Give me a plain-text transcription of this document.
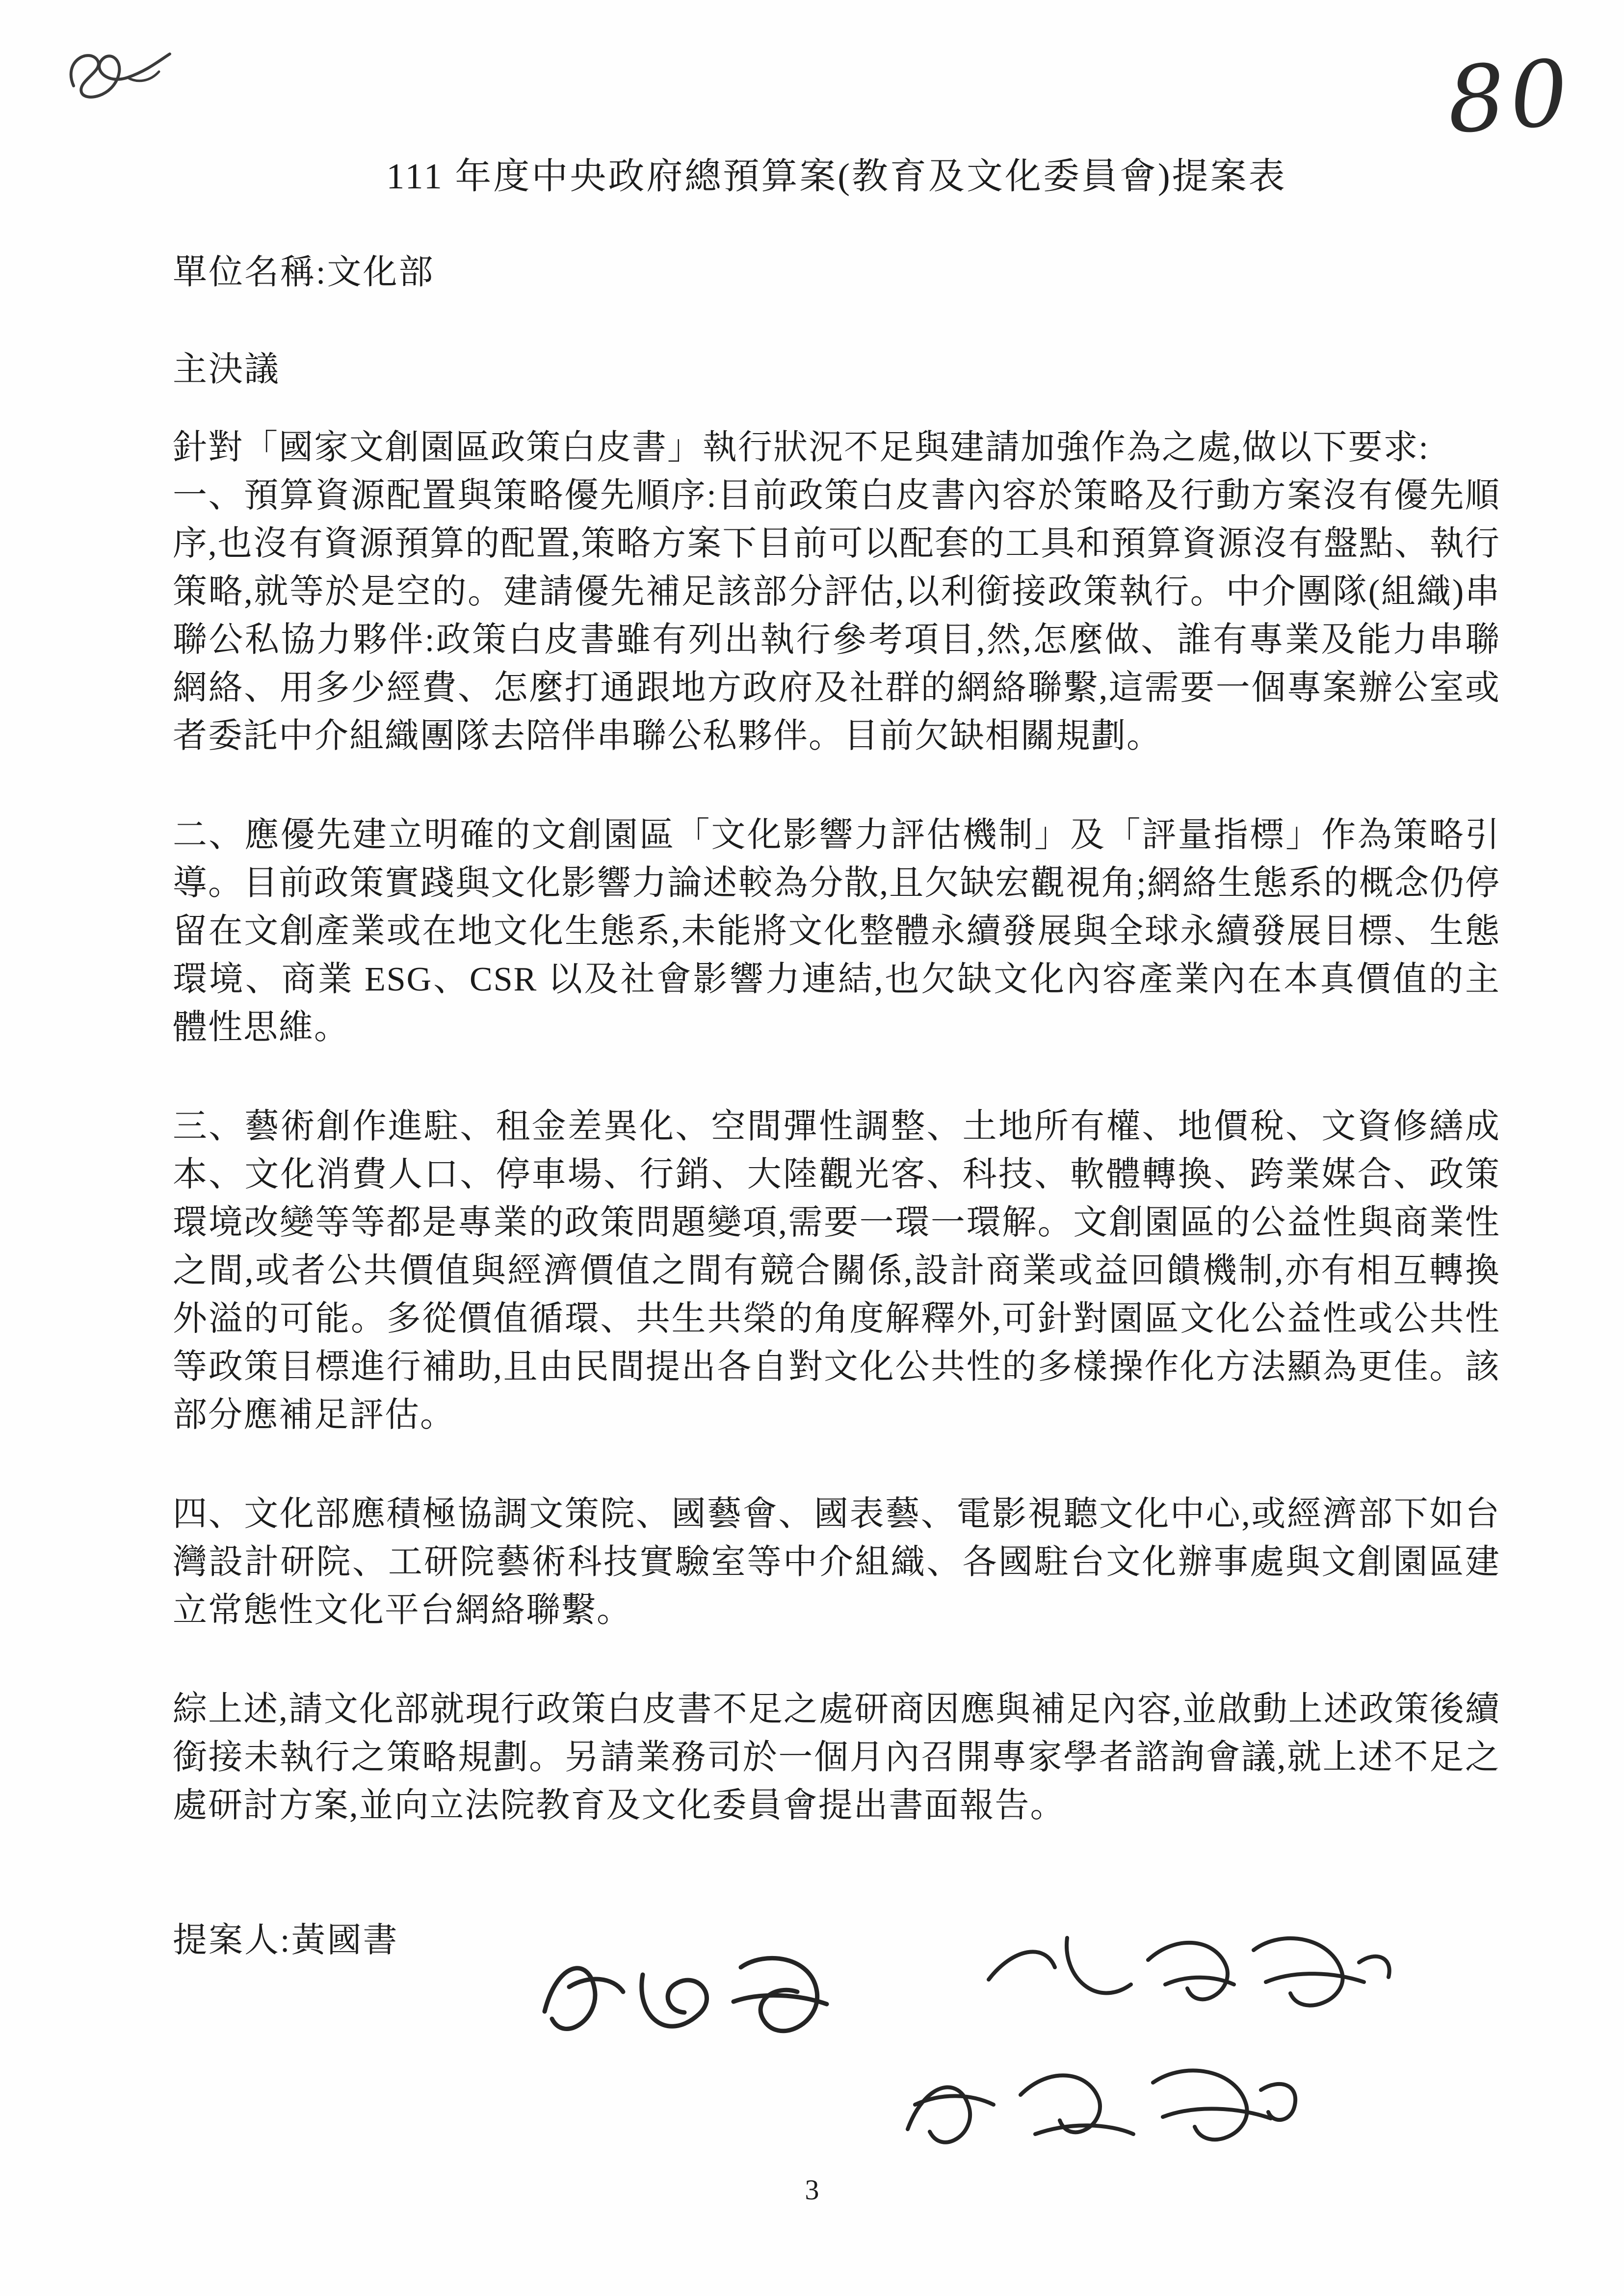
80
111 年度中央政府總預算案(教育及文化委員會)提案表

單位名稱:文化部

主決議

針對「國家文創園區政策白皮書」執行狀況不足與建請加強作為之處,做以下要求:

一、預算資源配置與策略優先順序:目前政策白皮書內容於策略及行動方案沒有優先順序,也沒有資源預算的配置,策略方案下目前可以配套的工具和預算資源沒有盤點、執行策略,就等於是空的。建請優先補足該部分評估,以利銜接政策執行。中介團隊(組織)串聯公私協力夥伴:政策白皮書雖有列出執行參考項目,然,怎麼做、誰有專業及能力串聯網絡、用多少經費、怎麼打通跟地方政府及社群的網絡聯繫,這需要一個專案辦公室或者委託中介組織團隊去陪伴串聯公私夥伴。目前欠缺相關規劃。

二、應優先建立明確的文創園區「文化影響力評估機制」及「評量指標」作為策略引導。目前政策實踐與文化影響力論述較為分散,且欠缺宏觀視角;網絡生態系的概念仍停留在文創產業或在地文化生態系,未能將文化整體永續發展與全球永續發展目標、生態環境、商業 ESG、CSR 以及社會影響力連結,也欠缺文化內容產業內在本真價值的主體性思維。

三、藝術創作進駐、租金差異化、空間彈性調整、土地所有權、地價稅、文資修繕成本、文化消費人口、停車場、行銷、大陸觀光客、科技、軟體轉換、跨業媒合、政策環境改變等等都是專業的政策問題變項,需要一環一環解。文創園區的公益性與商業性之間,或者公共價值與經濟價值之間有競合關係,設計商業或益回饋機制,亦有相互轉換外溢的可能。多從價值循環、共生共榮的角度解釋外,可針對園區文化公益性或公共性等政策目標進行補助,且由民間提出各自對文化公共性的多樣操作化方法顯為更佳。該部分應補足評估。

四、文化部應積極協調文策院、國藝會、國表藝、電影視聽文化中心,或經濟部下如台灣設計研院、工研院藝術科技實驗室等中介組織、各國駐台文化辦事處與文創園區建立常態性文化平台網絡聯繫。

綜上述,請文化部就現行政策白皮書不足之處研商因應與補足內容,並啟動上述政策後續銜接未執行之策略規劃。另請業務司於一個月內召開專家學者諮詢會議,就上述不足之處研討方案,並向立法院教育及文化委員會提出書面報告。

提案人:黃國書
3
